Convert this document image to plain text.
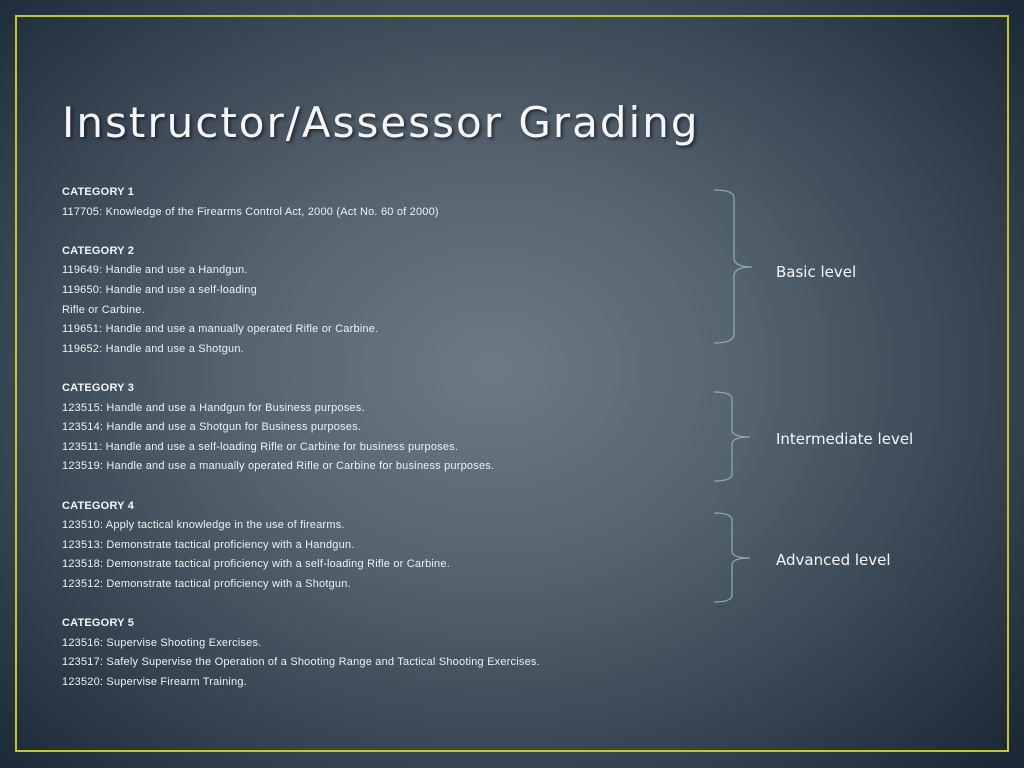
Instructor/Assessor Grading
CATEGORY 1
117705: Knowledge of the Firearms Control Act, 2000 (Act No. 60 of 2000)
CATEGORY 2
119649: Handle and use a Handgun.
119650: Handle and use a self-loading
Rifle or Carbine.
119651: Handle and use a manually operated Rifle or Carbine.
119652: Handle and use a Shotgun.
CATEGORY 3
123515: Handle and use a Handgun for Business purposes.
123514: Handle and use a Shotgun for Business purposes.
123511: Handle and use a self-loading Rifle or Carbine for business purposes.
123519: Handle and use a manually operated Rifle or Carbine for business purposes.
CATEGORY 4
123510: Apply tactical knowledge in the use of firearms.
123513: Demonstrate tactical proficiency with a Handgun.
123518: Demonstrate tactical proficiency with a self-loading Rifle or Carbine.
123512: Demonstrate tactical proficiency with a Shotgun.
CATEGORY 5
123516: Supervise Shooting Exercises.
123517: Safely Supervise the Operation of a Shooting Range and Tactical Shooting Exercises.
123520: Supervise Firearm Training.
Basic level
Intermediate level
Advanced level
